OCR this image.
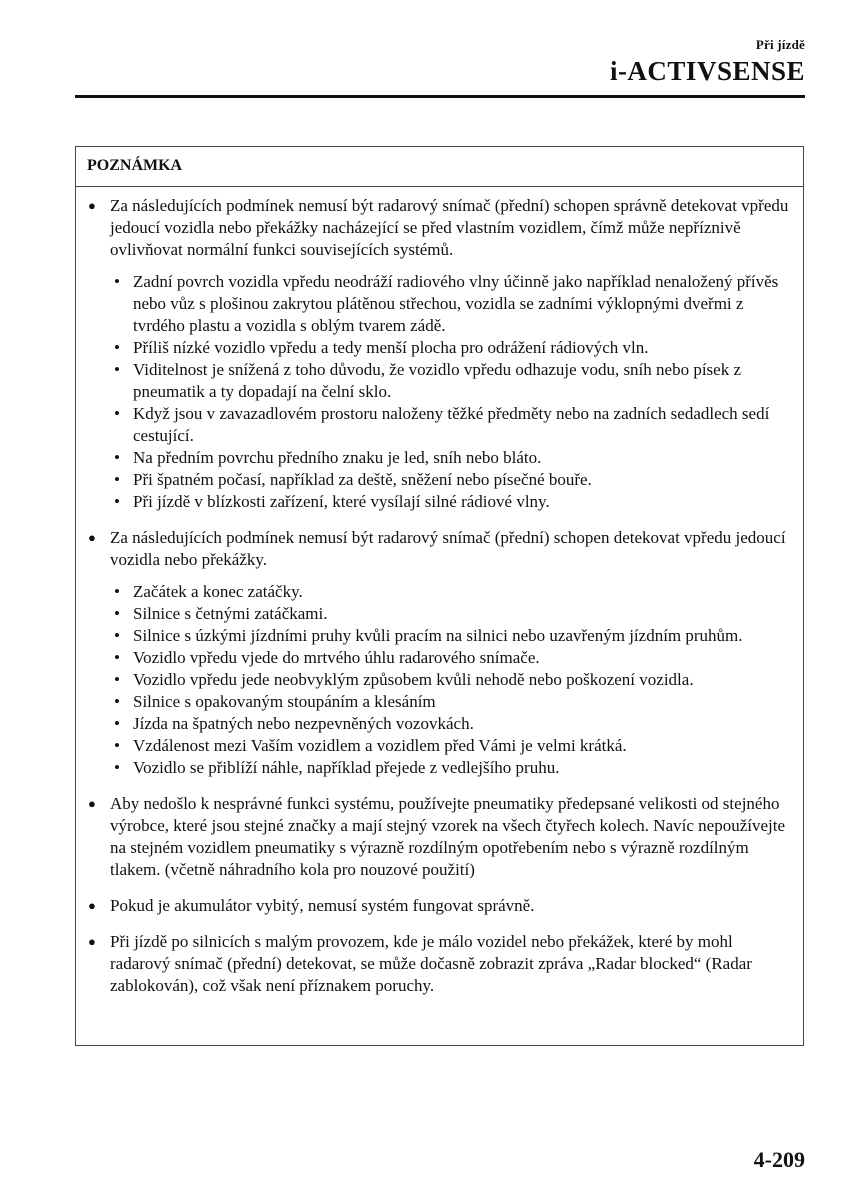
Při jízdě
i-ACTIVSENSE
POZNÁMKA
● Za následujících podmínek nemusí být radarový snímač (přední) schopen správně detekovat vpředu jedoucí vozidla nebo překážky nacházející se před vlastním vozidlem, čímž může nepříznivě ovlivňovat normální funkci souvisejících systémů.
• Zadní povrch vozidla vpředu neodráží radiového vlny účinně jako například nenaložený přívěs nebo vůz s plošinou zakrytou plátěnou střechou, vozidla se zadními výklopnými dveřmi z tvrdého plastu a vozidla s oblým tvarem zádě.
• Příliš nízké vozidlo vpředu a tedy menší plocha pro odrážení rádiových vln.
• Viditelnost je snížená z toho důvodu, že vozidlo vpředu odhazuje vodu, sníh nebo písek z pneumatik a ty dopadají na čelní sklo.
• Když jsou v zavazadlovém prostoru naloženy těžké předměty nebo na zadních sedadlech sedí cestující.
• Na předním povrchu předního znaku je led, sníh nebo bláto.
• Při špatném počasí, například za deště, sněžení nebo písečné bouře.
• Při jízdě v blízkosti zařízení, které vysílají silné rádiové vlny.
● Za následujících podmínek nemusí být radarový snímač (přední) schopen detekovat vpředu jedoucí vozidla nebo překážky.
• Začátek a konec zatáčky.
• Silnice s četnými zatáčkami.
• Silnice s úzkými jízdními pruhy kvůli pracím na silnici nebo uzavřeným jízdním pruhům.
• Vozidlo vpředu vjede do mrtvého úhlu radarového snímače.
• Vozidlo vpředu jede neobvyklým způsobem kvůli nehodě nebo poškození vozidla.
• Silnice s opakovaným stoupáním a klesáním
• Jízda na špatných nebo nezpevněných vozovkách.
• Vzdálenost mezi Vaším vozidlem a vozidlem před Vámi je velmi krátká.
• Vozidlo se přiblíží náhle, například přejede z vedlejšího pruhu.
● Aby nedošlo k nesprávné funkci systému, používejte pneumatiky předepsané velikosti od stejného výrobce, které jsou stejné značky a mají stejný vzorek na všech čtyřech kolech. Navíc nepoužívejte na stejném vozidlem pneumatiky s výrazně rozdílným opotřebením nebo s výrazně rozdílným tlakem. (včetně náhradního kola pro nouzové použití)
● Pokud je akumulátor vybitý, nemusí systém fungovat správně.
● Při jízdě po silnicích s malým provozem, kde je málo vozidel nebo překážek, které by mohl radarový snímač (přední) detekovat, se může dočasně zobrazit zpráva „Radar blocked“ (Radar zablokován), což však není příznakem poruchy.
4-209
